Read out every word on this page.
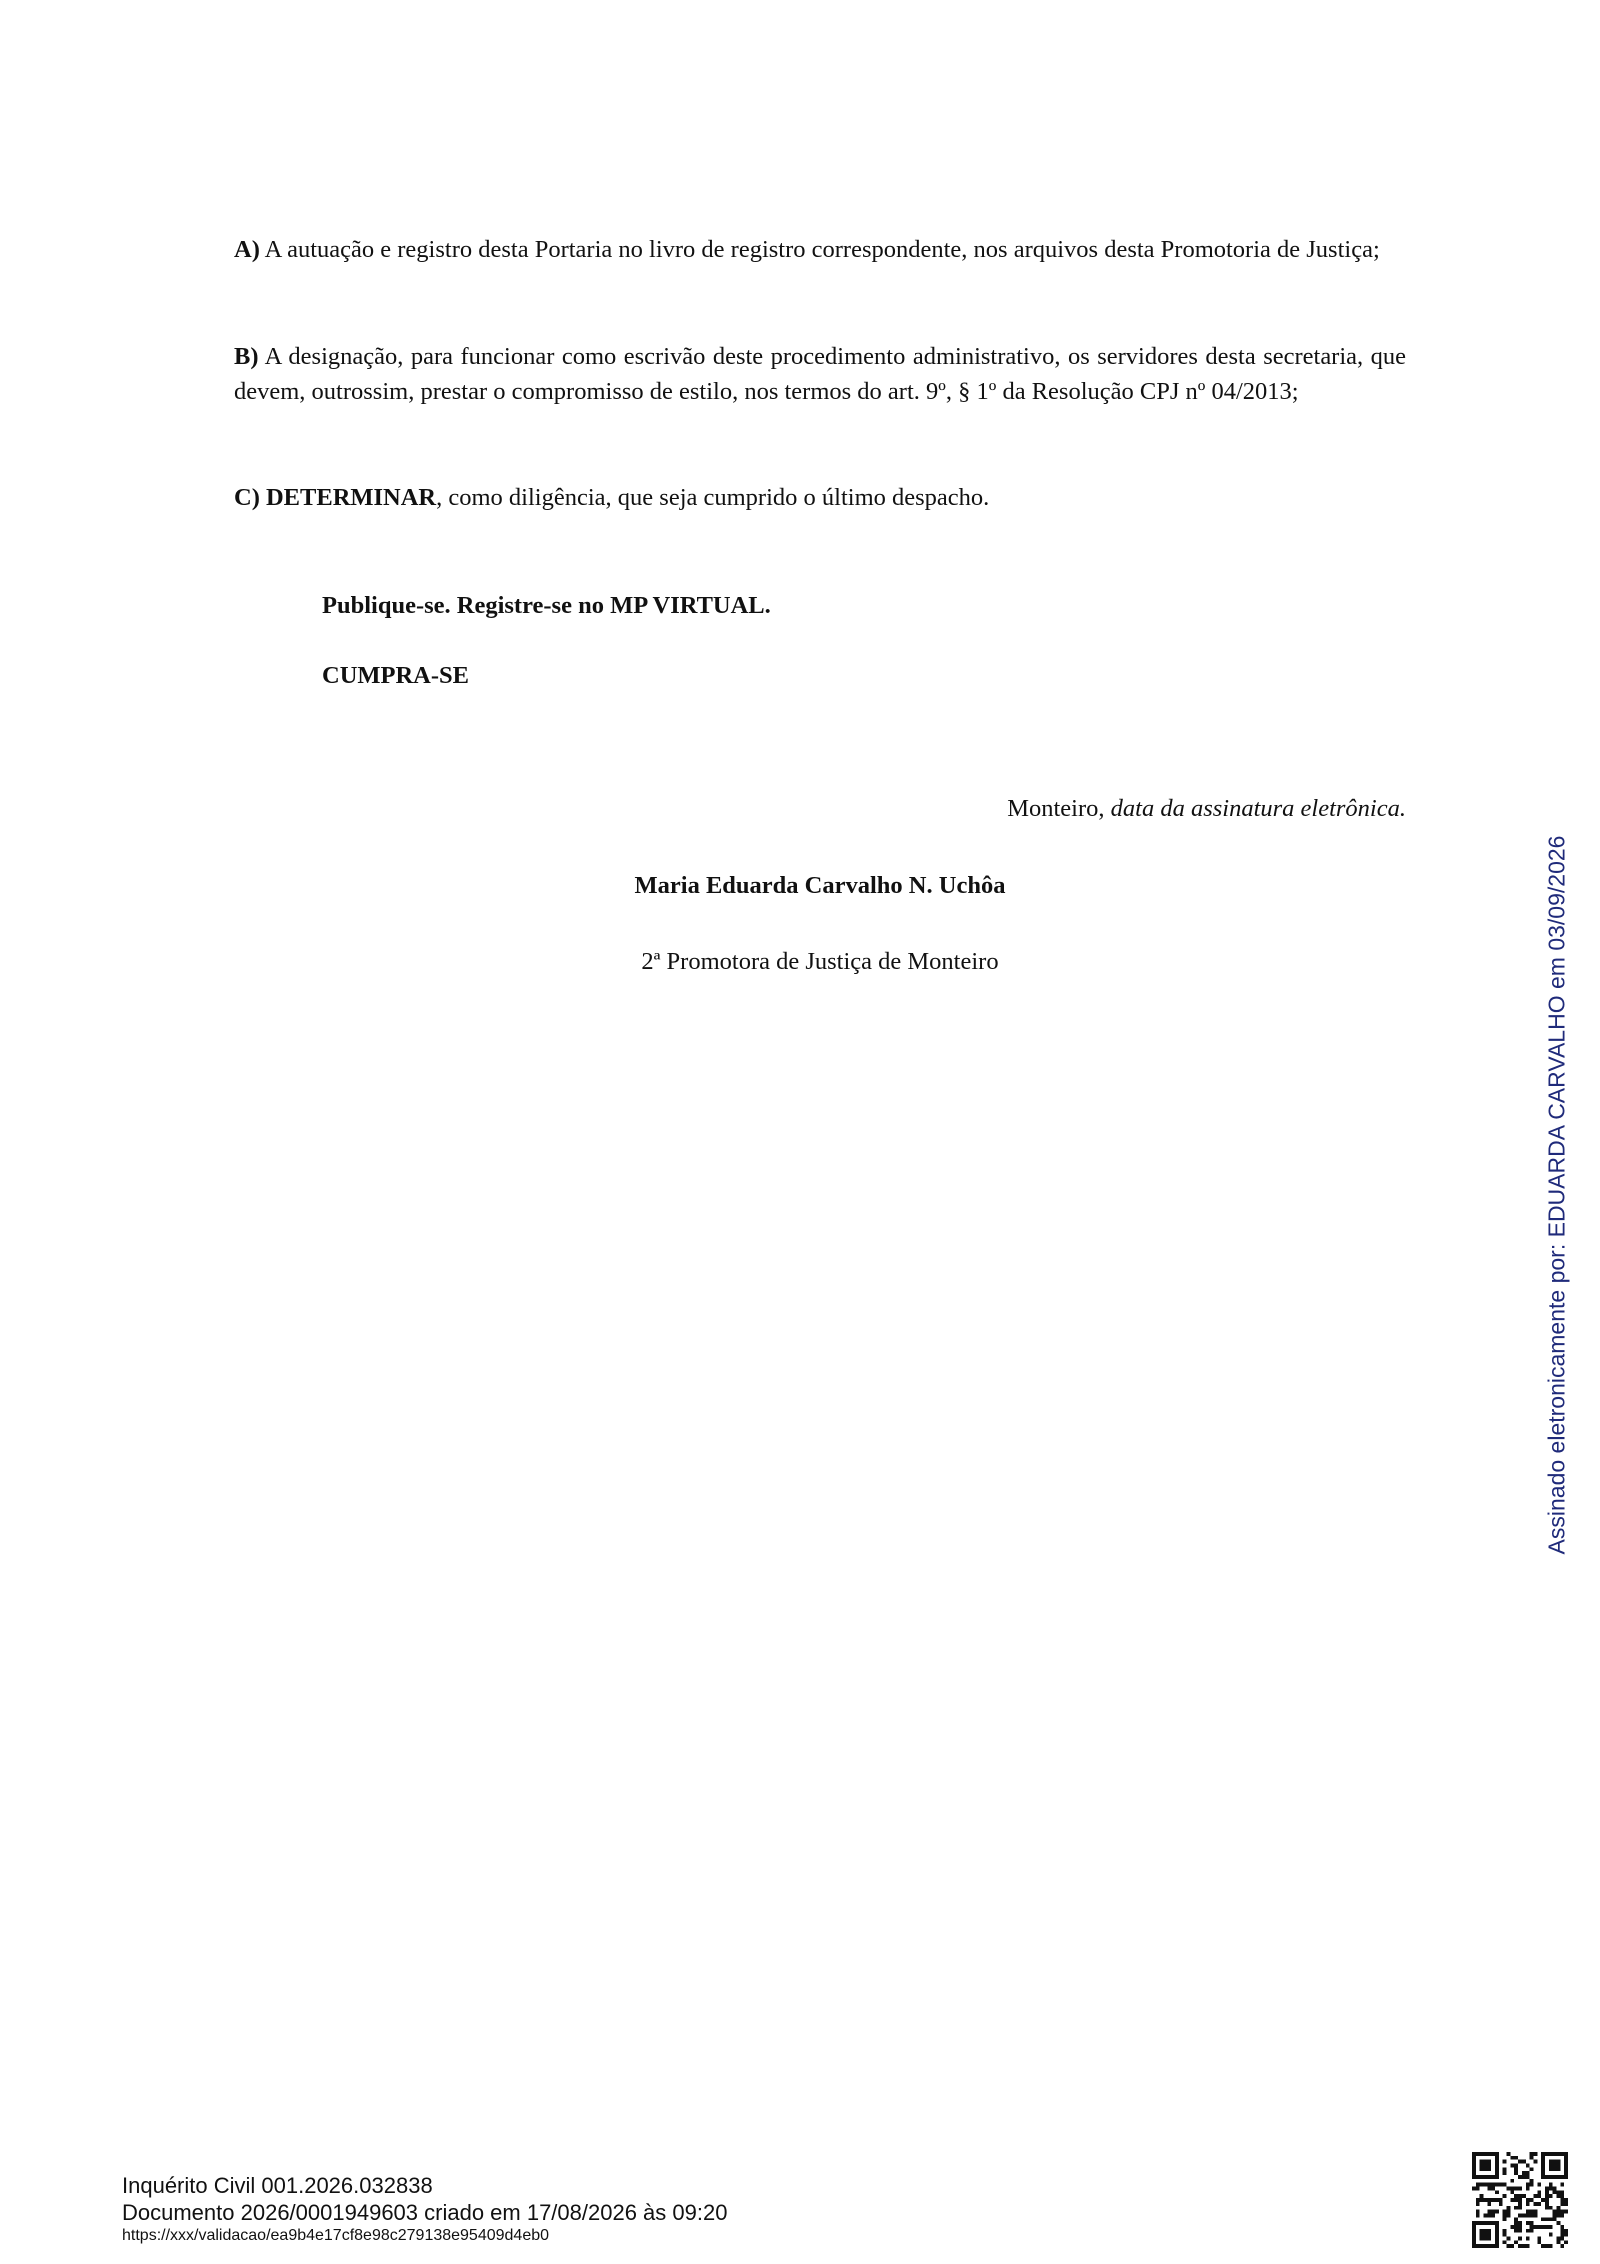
A) A autuação e registro desta Portaria no livro de registro correspondente, nos arquivos desta Promotoria de Justiça;

B) A designação, para funcionar como escrivão deste procedimento administrativo, os servidores desta secretaria, que devem, outrossim, prestar o compromisso de estilo, nos termos do art. 9º, § 1º da Resolução CPJ nº 04/2013;

C) DETERMINAR, como diligência, que seja cumprido o último despacho.

Publique-se. Registre-se no MP VIRTUAL.
CUMPRA-SE
Monteiro, data da assinatura eletrônica.
Maria Eduarda Carvalho N. Uchôa
2ª Promotora de Justiça de Monteiro	Assinado eletronicamente por: EDUARDA CARVALHO em 03/09/2026
Inquérito Civil 001.2026.032838
Documento 2026/0001949603 criado em 17/08/2026 às 09:20
https://xxx/validacao/ea9b4e17cf8e98c279138e95409d4eb0
